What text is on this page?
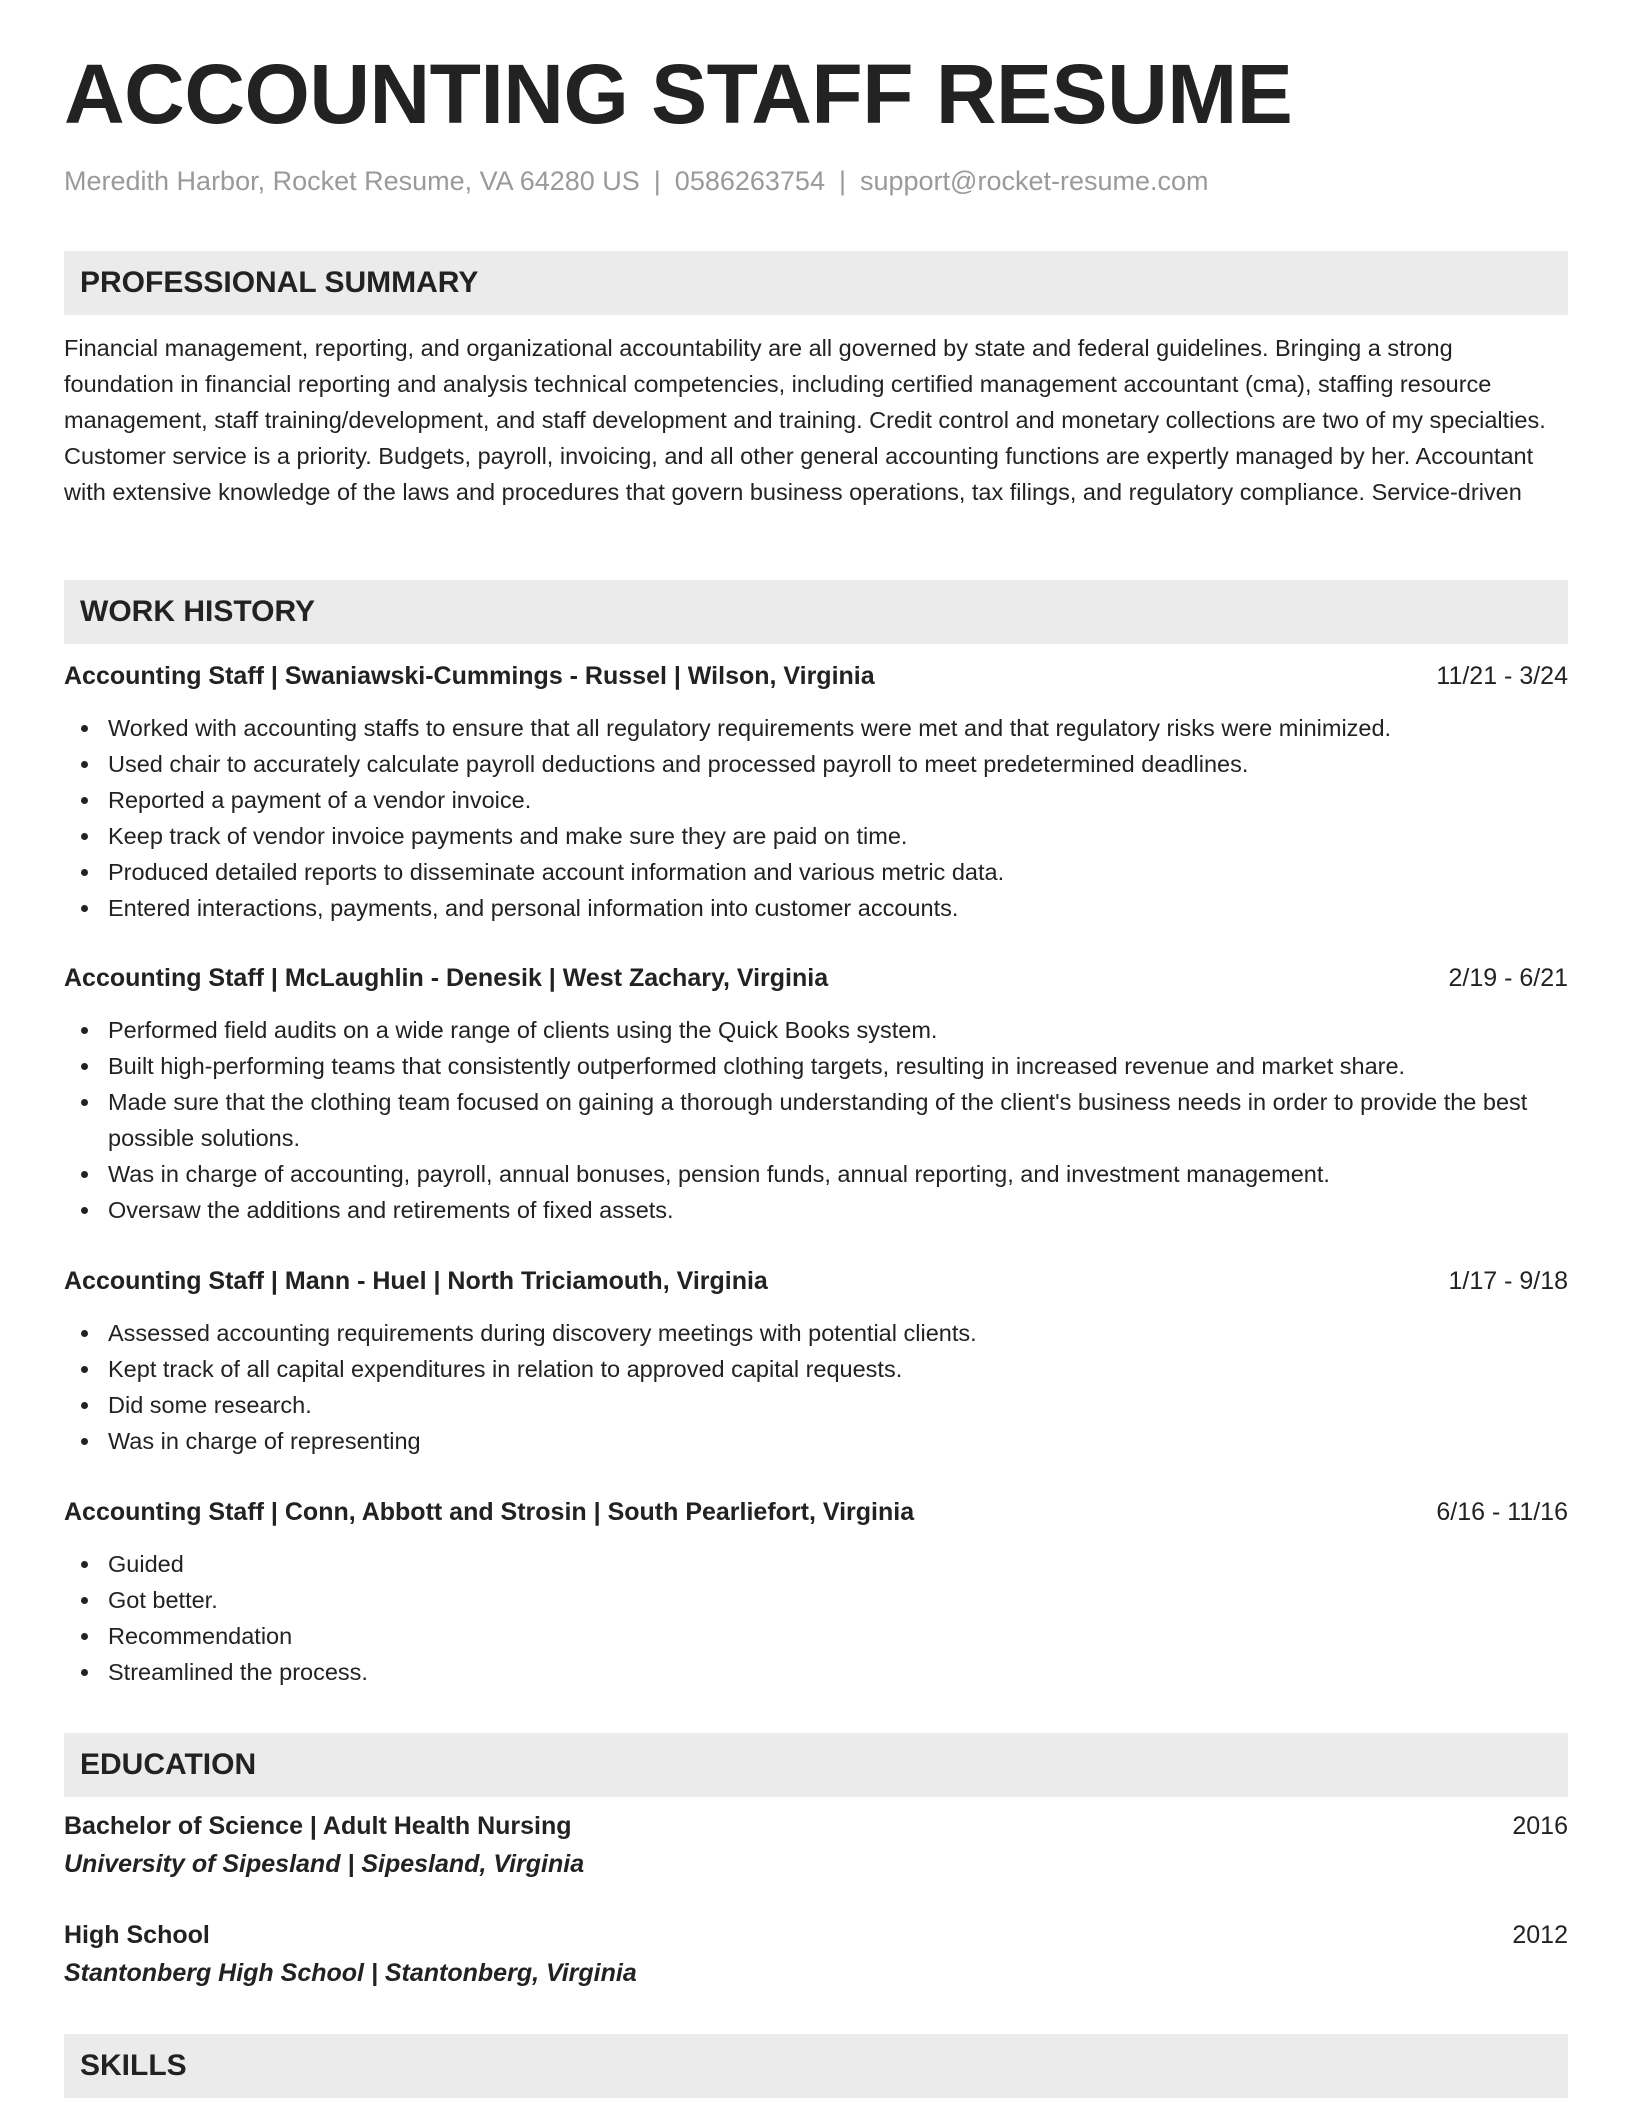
ACCOUNTING STAFF RESUME
Meredith Harbor, Rocket Resume, VA 64280 US | 0586263754 | support@rocket-resume.com
PROFESSIONAL SUMMARY

Financial management, reporting, and organizational accountability are all governed by state and federal guidelines. Bringing a strong foundation in financial reporting and analysis technical competencies, including certified management accountant (cma), staffing resource management, staff training/development, and staff development and training. Credit control and monetary collections are two of my specialties. Customer service is a priority. Budgets, payroll, invoicing, and all other general accounting functions are expertly managed by her. Accountant with extensive knowledge of the laws and procedures that govern business operations, tax filings, and regulatory compliance. Service-driven

WORK HISTORY
Accounting Staff | Swaniawski-Cummings - Russel | Wilson, Virginia	11/21 - 3/24
Worked with accounting staffs to ensure that all regulatory requirements were met and that regulatory risks were minimized.
Used chair to accurately calculate payroll deductions and processed payroll to meet predetermined deadlines.
Reported a payment of a vendor invoice.
Keep track of vendor invoice payments and make sure they are paid on time.
Produced detailed reports to disseminate account information and various metric data.
Entered interactions, payments, and personal information into customer accounts.
Accounting Staff | McLaughlin - Denesik | West Zachary, Virginia	2/19 - 6/21
Performed field audits on a wide range of clients using the Quick Books system.
Built high-performing teams that consistently outperformed clothing targets, resulting in increased revenue and market share.
Made sure that the clothing team focused on gaining a thorough understanding of the client's business needs in order to provide the best possible solutions.
Was in charge of accounting, payroll, annual bonuses, pension funds, annual reporting, and investment management.
Oversaw the additions and retirements of fixed assets.
Accounting Staff | Mann - Huel | North Triciamouth, Virginia	1/17 - 9/18
Assessed accounting requirements during discovery meetings with potential clients.
Kept track of all capital expenditures in relation to approved capital requests.
Did some research.
Was in charge of representing
Accounting Staff | Conn, Abbott and Strosin | South Pearliefort, Virginia	6/16 - 11/16
Guided
Got better.
Recommendation
Streamlined the process.
EDUCATION
Bachelor of Science | Adult Health Nursing	2016
University of Sipesland | Sipesland, Virginia
High School	2012
Stantonberg High School | Stantonberg, Virginia
SKILLS
